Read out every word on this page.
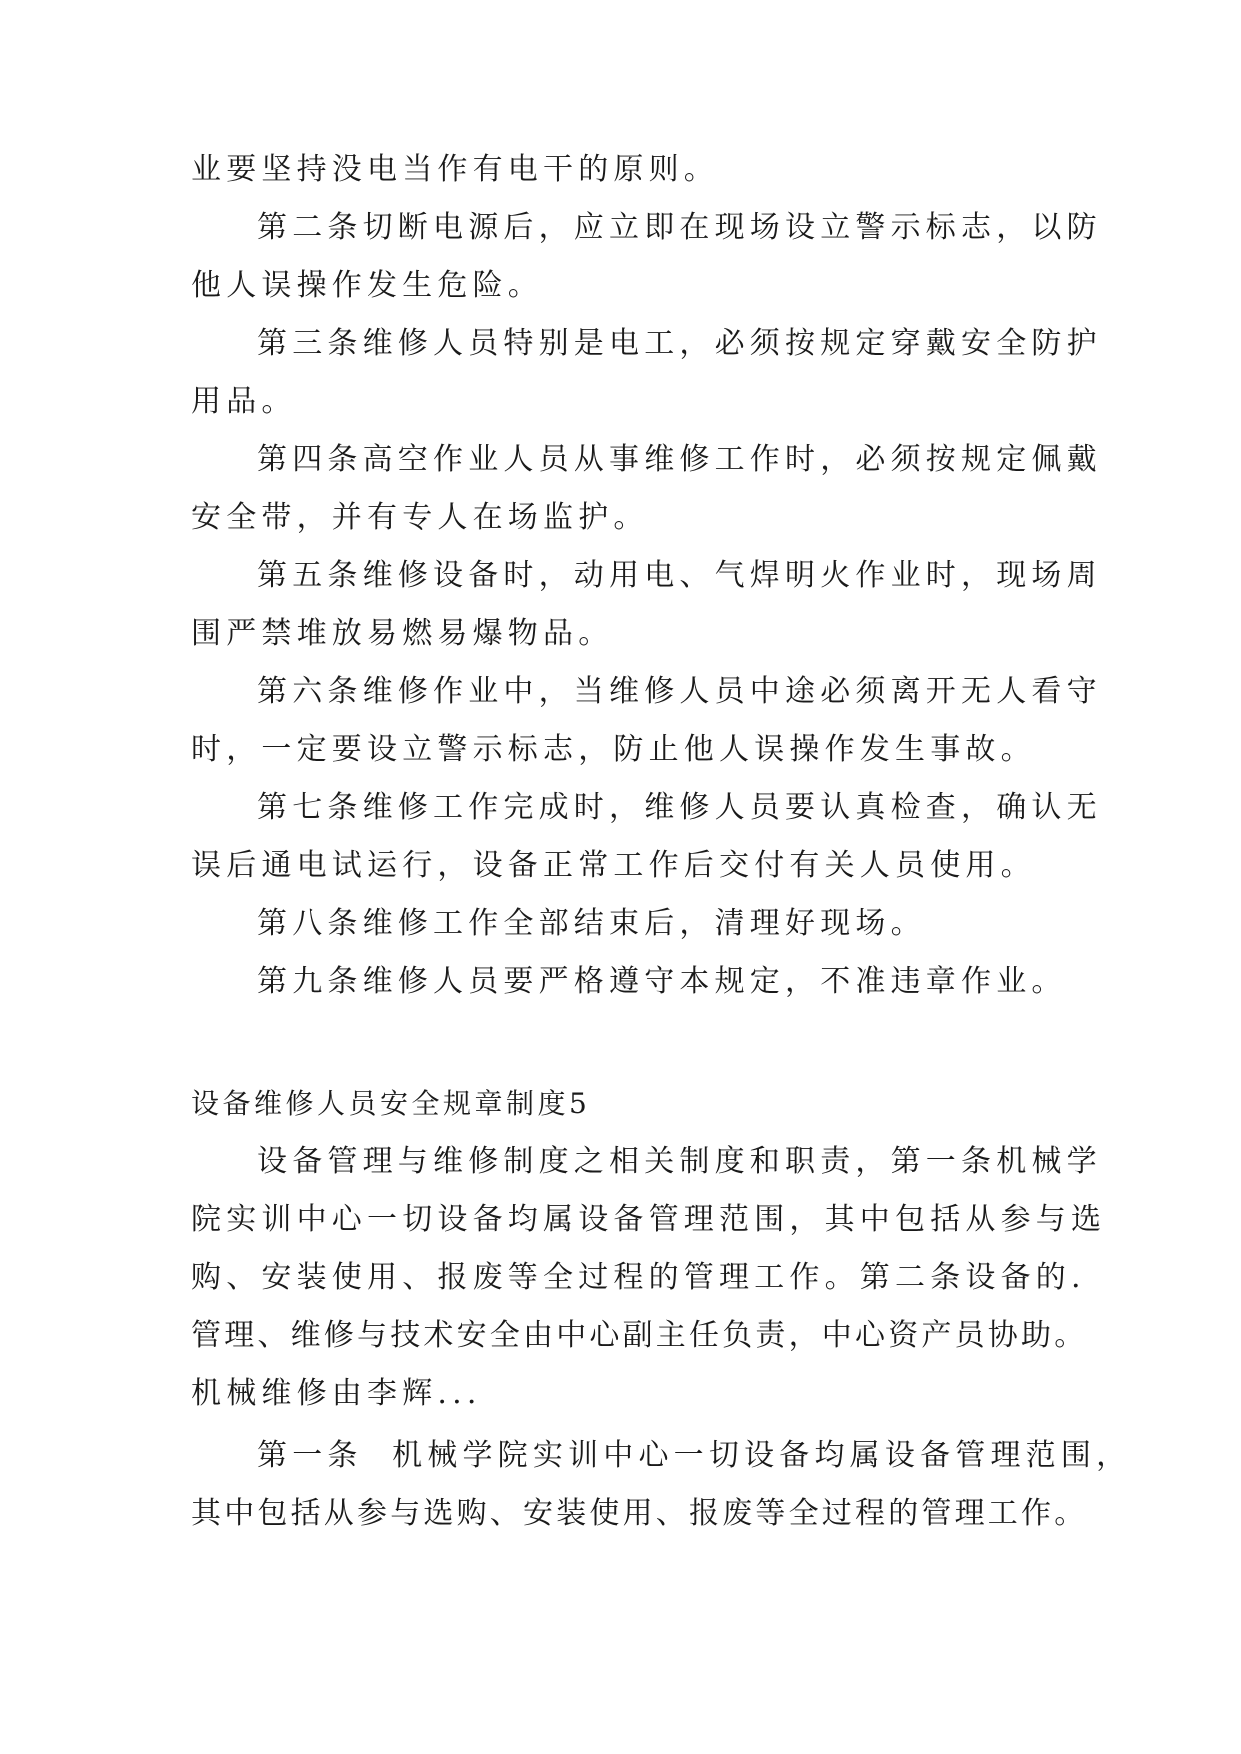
业要坚持没电当作有电干的原则。
第二条切断电源后，应立即在现场设立警示标志，以防
他人误操作发生危险。
第三条维修人员特别是电工，必须按规定穿戴安全防护
用品。
第四条高空作业人员从事维修工作时，必须按规定佩戴
安全带，并有专人在场监护。
第五条维修设备时，动用电、气焊明火作业时，现场周
围严禁堆放易燃易爆物品。
第六条维修作业中，当维修人员中途必须离开无人看守
时，一定要设立警示标志，防止他人误操作发生事故。
第七条维修工作完成时，维修人员要认真检查，确认无
误后通电试运行，设备正常工作后交付有关人员使用。
第八条维修工作全部结束后，清理好现场。
第九条维修人员要严格遵守本规定，不准违章作业。
设备维修人员安全规章制度5
设备管理与维修制度之相关制度和职责，第一条机械学
院实训中心一切设备均属设备管理范围，其中包括从参与选
购、安装使用、报废等全过程的管理工作。第二条设备的.
管理、维修与技术安全由中心副主任负责，中心资产员协助。
机械维修由李辉...
第一条  机械学院实训中心一切设备均属设备管理范围，
其中包括从参与选购、安装使用、报废等全过程的管理工作。
